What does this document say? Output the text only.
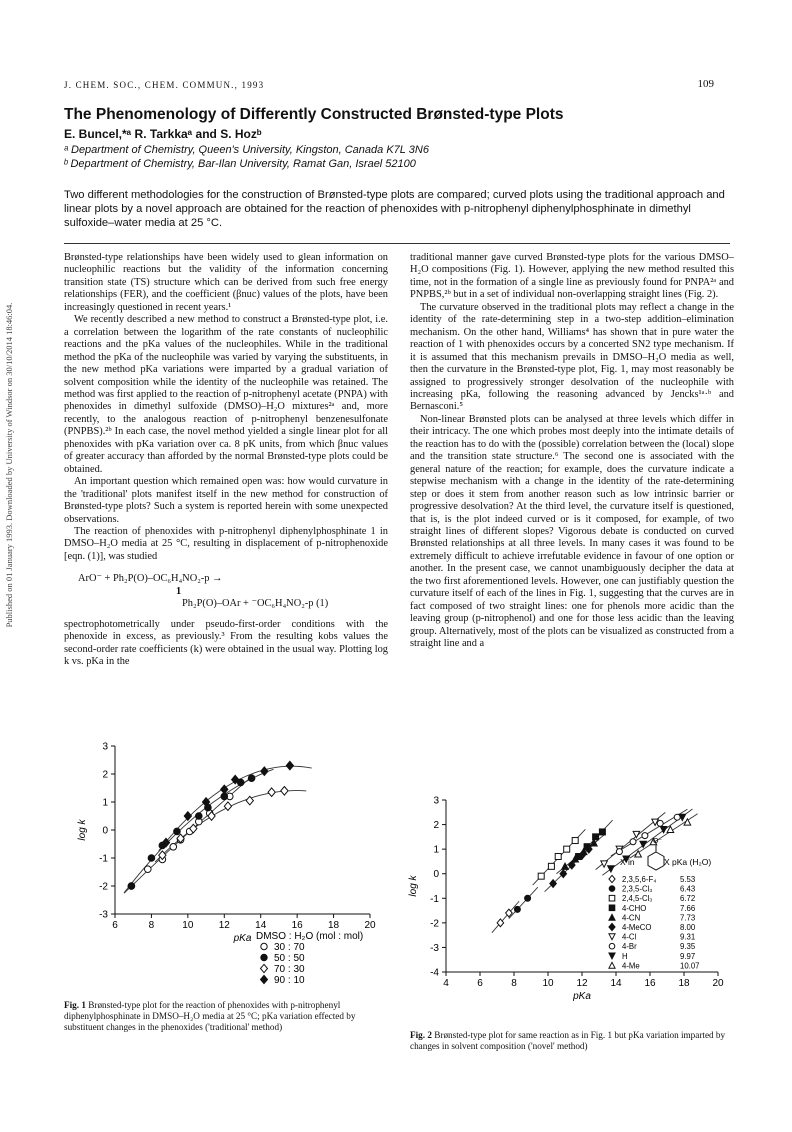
Published on 01 January 1993. Downloaded by University of Windsor on 30/10/2014 18:46:04.
J. CHEM. SOC., CHEM. COMMUN., 1993	109
The Phenomenology of Differently Constructed Brønsted-type Plots
E. Buncel,*ᵃ R. Tarkkaᵃ and S. Hozᵇ
ᵃ Department of Chemistry, Queen's University, Kingston, Canada K7L 3N6
ᵇ Department of Chemistry, Bar-Ilan University, Ramat Gan, Israel 52100
Two different methodologies for the construction of Brønsted-type plots are compared; curved plots using the traditional approach and linear plots by a novel approach are obtained for the reaction of phenoxides with p-nitrophenyl diphenylphosphinate in dimethyl sulfoxide–water media at 25 °C.

Brønsted-type relationships have been widely used to glean information on nucleophilic reactions but the validity of the information concerning transition state (TS) structure which can be derived from such free energy relationships (FER), and the coefficient (βnuc) values of the plots, have been increasingly questioned in recent years.¹

We recently described a new method to construct a Brønsted-type plot, i.e. a correlation between the logarithm of the rate constants of nucleophilic reactions and the pKa values of the nucleophiles. While in the traditional method the pKa of the nucleophile was varied by varying the substituents, in the new method pKa variations were imparted by a gradual variation of solvent composition while the identity of the nucleophile was retained. The method was first applied to the reaction of p-nitrophenyl acetate (PNPA) with phenoxides in dimethyl sulfoxide (DMSO)–H₂O mixtures²ᵃ and, more recently, to the analogous reaction of p-nitrophenyl benzenesulfonate (PNPBS).²ᵇ In each case, the novel method yielded a single linear plot for all phenoxides with pKa variation over ca. 8 pK units, from which βnuc values of greater accuracy than afforded by the normal Brønsted-type plots could be obtained.

An important question which remained open was: how would curvature in the 'traditional' plots manifest itself in the new method for construction of Brønsted-type plots? Such a system is reported herein with some unexpected observations.

The reaction of phenoxides with p-nitrophenyl diphenylphosphinate 1 in DMSO–H₂O media at 25 °C, resulting in displacement of p-nitrophenoxide [eqn. (1)], was studied

ArO⁻ + Ph₂P(O)–OC₆H₄NO₂-p →
1
Ph₂P(O)–OAr + ⁻OC₆H₄NO₂-p (1)

spectrophotometrically under pseudo-first-order conditions with the phenoxide in excess, as previously.³ From the resulting kobs values the second-order rate coefficients (k) were obtained in the usual way. Plotting log k vs. pKa in the

traditional manner gave curved Brønsted-type plots for the various DMSO–H₂O compositions (Fig. 1). However, applying the new method resulted this time, not in the formation of a single line as previously found for PNPA²ᵃ and PNPBS,²ᵇ but in a set of individual non-overlapping straight lines (Fig. 2).

The curvature observed in the traditional plots may reflect a change in the identity of the rate-determining step in a two-step addition–elimination mechanism. On the other hand, Williams⁴ has shown that in pure water the reaction of 1 with phenoxides occurs by a concerted SN2 type mechanism. If it is assumed that this mechanism prevails in DMSO–H₂O media as well, then the curvature in the Brønsted-type plot, Fig. 1, may most reasonably be assigned to progressively stronger desolvation of the nucleophile with increasing pKa, following the reasoning advanced by Jencks¹ᵃ·ᵇ and Bernasconi.⁵

Non-linear Brønsted plots can be analysed at three levels which differ in their intricacy. The one which probes most deeply into the intimate details of the reaction has to do with the (possible) correlation between the (local) slope and the transition state structure.⁶ The second one is associated with the general nature of the reaction; for example, does the curvature indicate a stepwise mechanism with a change in the identity of the rate-determining step or does it stem from another reason such as low intrinsic barrier or progressive desolvation? At the third level, the curvature itself is questioned, that is, is the plot indeed curved or is it composed, for example, of two straight lines of different slopes? Vigorous debate is conducted on curved Brønsted relationships at all three levels. In many cases it was found to be extremely difficult to achieve irrefutable evidence in favour of one option or another. In the present case, we cannot unambiguously decipher the data at the two first aforementioned levels. However, one can justifiably question the curvature itself of each of the lines in Fig. 1, suggesting that the curves are in fact composed of two straight lines: one for phenols more acidic than the leaving group (p-nitrophenol) and one for those less acidic than the leaving group. Alternatively, most of the plots can be visualized as constructed from a straight line and a

6	8	10	12	14	16	18	20
-3
-2
-1
0
1
2
3
pKa
log k
DMSO : H₂O (mol : mol)
30 : 70
50 : 50
70 : 30
90 : 10
Fig. 1 Brønsted-type plot for the reaction of phenoxides with p-nitrophenyl diphenylphosphinate in DMSO–H₂O media at 25 °C; pKa variation effected by substituent changes in the phenoxides ('traditional' method)
4	6	8	10 12 14 16 18 20
-4
-3
-2
-1
0
1
2
3
pKa
log k
X in
O⁻
X pKa (H₂O)
2,3,5,6-F₄	5.53
2,3,5-Cl₃	6.43
2,4,5-Cl₃	6.72
4-CHO	7.66
4-CN	7.73
4-MeCO	8.00
4-Cl	9.31
4-Br	9.35
H	9.97
4-Me	10.07
Fig. 2 Brønsted-type plot for same reaction as in Fig. 1 but pKa variation imparted by changes in solvent composition ('novel' method)
